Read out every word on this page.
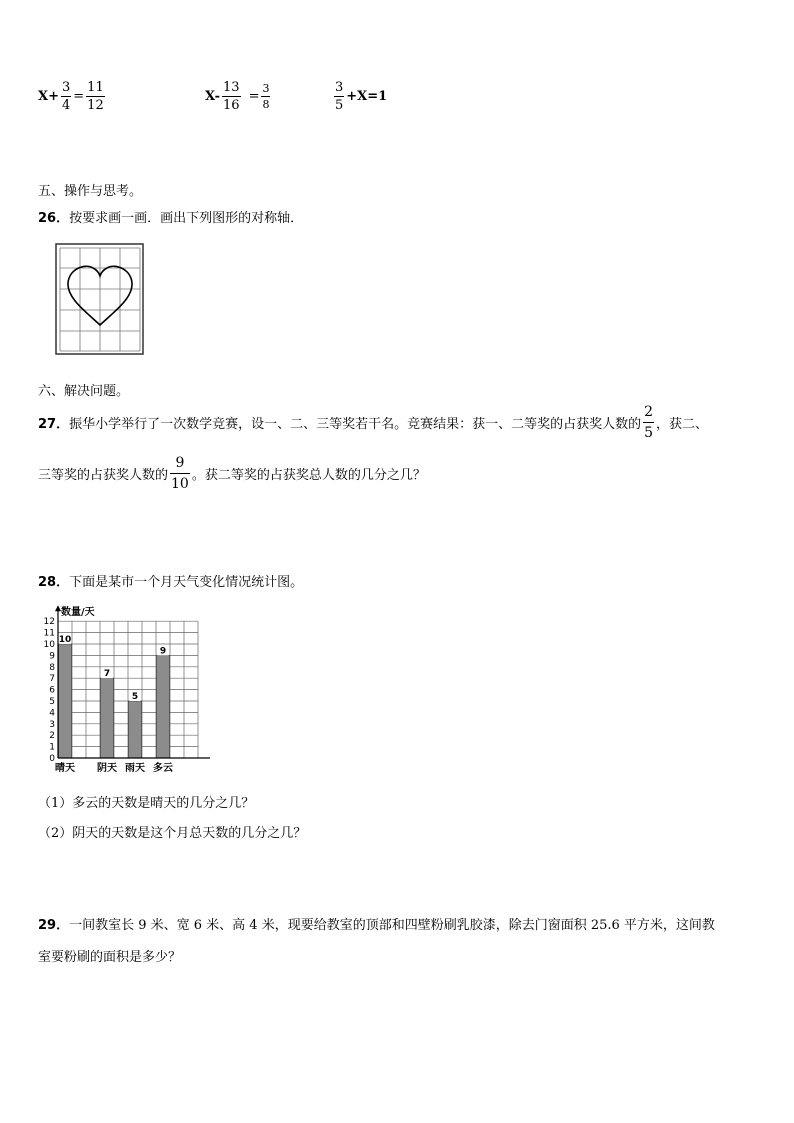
$X+ \frac{3}{4} = \frac{11}{12}$	$X- \frac{13}{16} = \frac{3}{8}$	$\frac{3}{5} +X=1$
五、操作与思考。
26． 按要求画一画．画出下列图形的对称轴．
六、解决问题。
27． 振华小学举行了一次数学竞赛，设一、二、三等奖若干名。竞赛结果：获一、二等奖的占获奖人数的 $\frac{2}{5}$ ，获二、
三等奖的占获奖人数的 $\frac{9}{10}$ 。获二等奖的占获奖总人数的几分之几？
28． 下面是某市一个月天气变化情况统计图。
0
1
2
3
4
5
6
7
8
9
10
11
12
10
晴天
7
阴天
5
雨天
9
多云
数量/天
（1）多云的天数是晴天的几分之几？
（2）阴天的天数是这个月总天数的几分之几？
29． 一间教室长 9 米、宽 6 米、高 4 米，现要给教室的顶部和四壁粉刷乳胶漆，除去门窗面积 25.6 平方米，这间教
室要粉刷的面积是多少？
